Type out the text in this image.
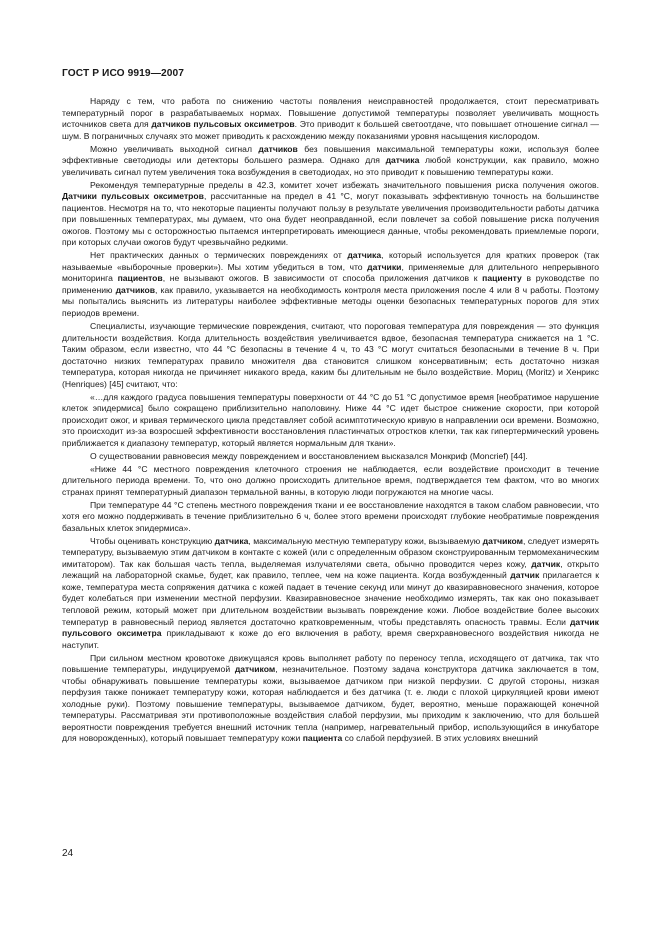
ГОСТ Р ИСО 9919—2007

Наряду с тем, что работа по снижению частоты появления неисправностей продолжается, стоит пересматривать температурный порог в разрабатываемых нормах. Повышение допустимой температуры позволяет увеличивать мощность источников света для датчиков пульсовых оксиметров. Это приводит к большей светоотдаче, что повышает отношение сигнал — шум. В пограничных случаях это может приводить к расхождению между показаниями уровня насыщения кислородом.

Можно увеличивать выходной сигнал датчиков без повышения максимальной температуры кожи, используя более эффективные светодиоды или детекторы большего размера. Однако для датчика любой конструкции, как правило, можно увеличивать сигнал путем увеличения тока возбуждения в светодиодах, но это приводит к повышению температуры кожи.

Рекомендуя температурные пределы в 42.3, комитет хочет избежать значительного повышения риска получения ожогов. Датчики пульсовых оксиметров, рассчитанные на предел в 41 °C, могут показывать эффективную точность на большинстве пациентов. Несмотря на то, что некоторые пациенты получают пользу в результате увеличения производительности работы датчика при повышенных температурах, мы думаем, что она будет неоправданной, если повлечет за собой повышение риска получения ожогов. Поэтому мы с осторожностью пытаемся интерпретировать имеющиеся данные, чтобы рекомендовать приемлемые пороги, при которых случаи ожогов будут чрезвычайно редкими.

Нет практических данных о термических повреждениях от датчика, который используется для кратких проверок (так называемые «выборочные проверки»). Мы хотим убедиться в том, что датчики, применяемые для длительного непрерывного мониторинга пациентов, не вызывают ожогов. В зависимости от способа приложения датчиков к пациенту в руководстве по применению датчиков, как правило, указывается на необходимость контроля места приложения после 4 или 8 ч работы. Поэтому мы попытались выяснить из литературы наиболее эффективные методы оценки безопасных температурных порогов для этих периодов времени.

Специалисты, изучающие термические повреждения, считают, что пороговая температура для повреждения — это функция длительности воздействия. Когда длительность воздействия увеличивается вдвое, безопасная температура снижается на 1 °C. Таким образом, если известно, что 44 °C безопасны в течение 4 ч, то 43 °C могут считаться безопасными в течение 8 ч. При достаточно низких температурах правило множителя два становится слишком консервативным; есть достаточно низкая температура, которая никогда не причиняет никакого вреда, каким бы длительным не было воздействие. Мориц (Moritz) и Хенрикс (Henriques) [45] считают, что:

«…для каждого градуса повышения температуры поверхности от 44 °C до 51 °C допустимое время [необратимое нарушение клеток эпидермиса] было сокращено приблизительно наполовину. Ниже 44 °C идет быстрое снижение скорости, при которой происходит ожог, и кривая термического цикла представляет собой асимптотическую кривую в направлении оси времени. Возможно, это происходит из-за возросшей эффективности восстановления пластинчатых отростков клетки, так как гипертермический уровень приближается к диапазону температур, который является нормальным для ткани».

О существовании равновесия между повреждением и восстановлением высказался Монкриф (Moncrief) [44].

«Ниже 44 °C местного повреждения клеточного строения не наблюдается, если воздействие происходит в течение длительного периода времени. То, что оно должно происходить длительное время, подтверждается тем фактом, что во многих странах принят температурный диапазон термальной ванны, в которую люди погружаются на многие часы.

При температуре 44 °C степень местного повреждения ткани и ее восстановление находятся в таком слабом равновесии, что хотя его можно поддерживать в течение приблизительно 6 ч, более этого времени происходят глубокие необратимые повреждения базальных клеток эпидермиса».

Чтобы оценивать конструкцию датчика, максимальную местную температуру кожи, вызываемую датчиком, следует измерять температуру, вызываемую этим датчиком в контакте с кожей (или с определенным образом сконструированным термомеханическим имитатором). Так как большая часть тепла, выделяемая излучателями света, обычно проводится через кожу, датчик, открыто лежащий на лабораторной скамье, будет, как правило, теплее, чем на коже пациента. Когда возбужденный датчик прилагается к коже, температура места сопряжения датчика с кожей падает в течение секунд или минут до квазиравновесного значения, которое будет колебаться при изменении местной перфузии. Квазиравновесное значение необходимо измерять, так как оно показывает тепловой режим, который может при длительном воздействии вызывать повреждение кожи. Любое воздействие более высоких температур в равновесный период является достаточно кратковременным, чтобы представлять опасность травмы. Если датчик пульсового оксиметра прикладывают к коже до его включения в работу, время сверхравновесного воздействия никогда не наступит.

При сильном местном кровотоке движущаяся кровь выполняет работу по переносу тепла, исходящего от датчика, так что повышение температуры, индуцируемой датчиком, незначительное. Поэтому задача конструктора датчика заключается в том, чтобы обнаруживать повышение температуры кожи, вызываемое датчиком при низкой перфузии. С другой стороны, низкая перфузия также понижает температуру кожи, которая наблюдается и без датчика (т. е. люди с плохой циркуляцией крови имеют холодные руки). Поэтому повышение температуры, вызываемое датчиком, будет, вероятно, меньше поражающей конечной температуры. Рассматривая эти противоположные воздействия слабой перфузии, мы приходим к заключению, что для большей вероятности повреждения требуется внешний источник тепла (например, нагревательный прибор, использующийся в инкубаторе для новорожденных), который повышает температуру кожи пациента со слабой перфузией. В этих условиях внешний

24
